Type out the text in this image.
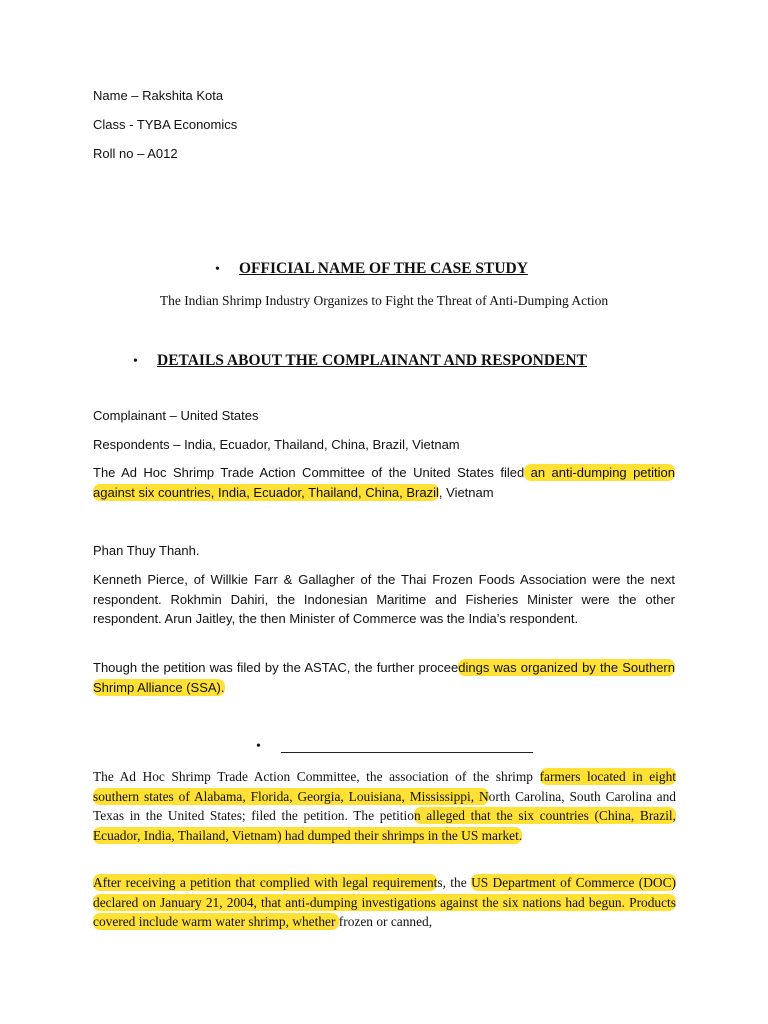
Name – Rakshita Kota

Class - TYBA Economics

Roll no – A012

• OFFICIAL NAME OF THE CASE STUDY

The Indian Shrimp Industry Organizes to Fight the Threat of Anti-Dumping Action

• DETAILS ABOUT THE COMPLAINANT AND RESPONDENT

Complainant – United States

Respondents – India, Ecuador, Thailand, China, Brazil, Vietnam

The Ad Hoc Shrimp Trade Action Committee of the United States filed an anti-dumping petition against six countries, India, Ecuador, Thailand, China, Brazil, Vietnam

Phan Thuy Thanh.

Kenneth Pierce, of Willkie Farr & Gallagher of the Thai Frozen Foods Association were the next respondent. Rokhmin Dahiri, the Indonesian Maritime and Fisheries Minister were the other respondent. Arun Jaitley, the then Minister of Commerce was the India’s respondent.

Though the petition was filed by the ASTAC, the further proceedings was organized by the Southern Shrimp Alliance (SSA).

•

The Ad Hoc Shrimp Trade Action Committee, the association of the shrimp farmers located in eight southern states of Alabama, Florida, Georgia, Louisiana, Mississippi, North Carolina, South Carolina and Texas in the United States; filed the petition. The petition alleged that the six countries (China, Brazil, Ecuador, India, Thailand, Vietnam) had dumped their shrimps in the US market.

After receiving a petition that complied with legal requirements, the US Department of Commerce (DOC) declared on January 21, 2004, that anti-dumping investigations against the six nations had begun. Products covered include warm water shrimp, whether frozen or canned,
